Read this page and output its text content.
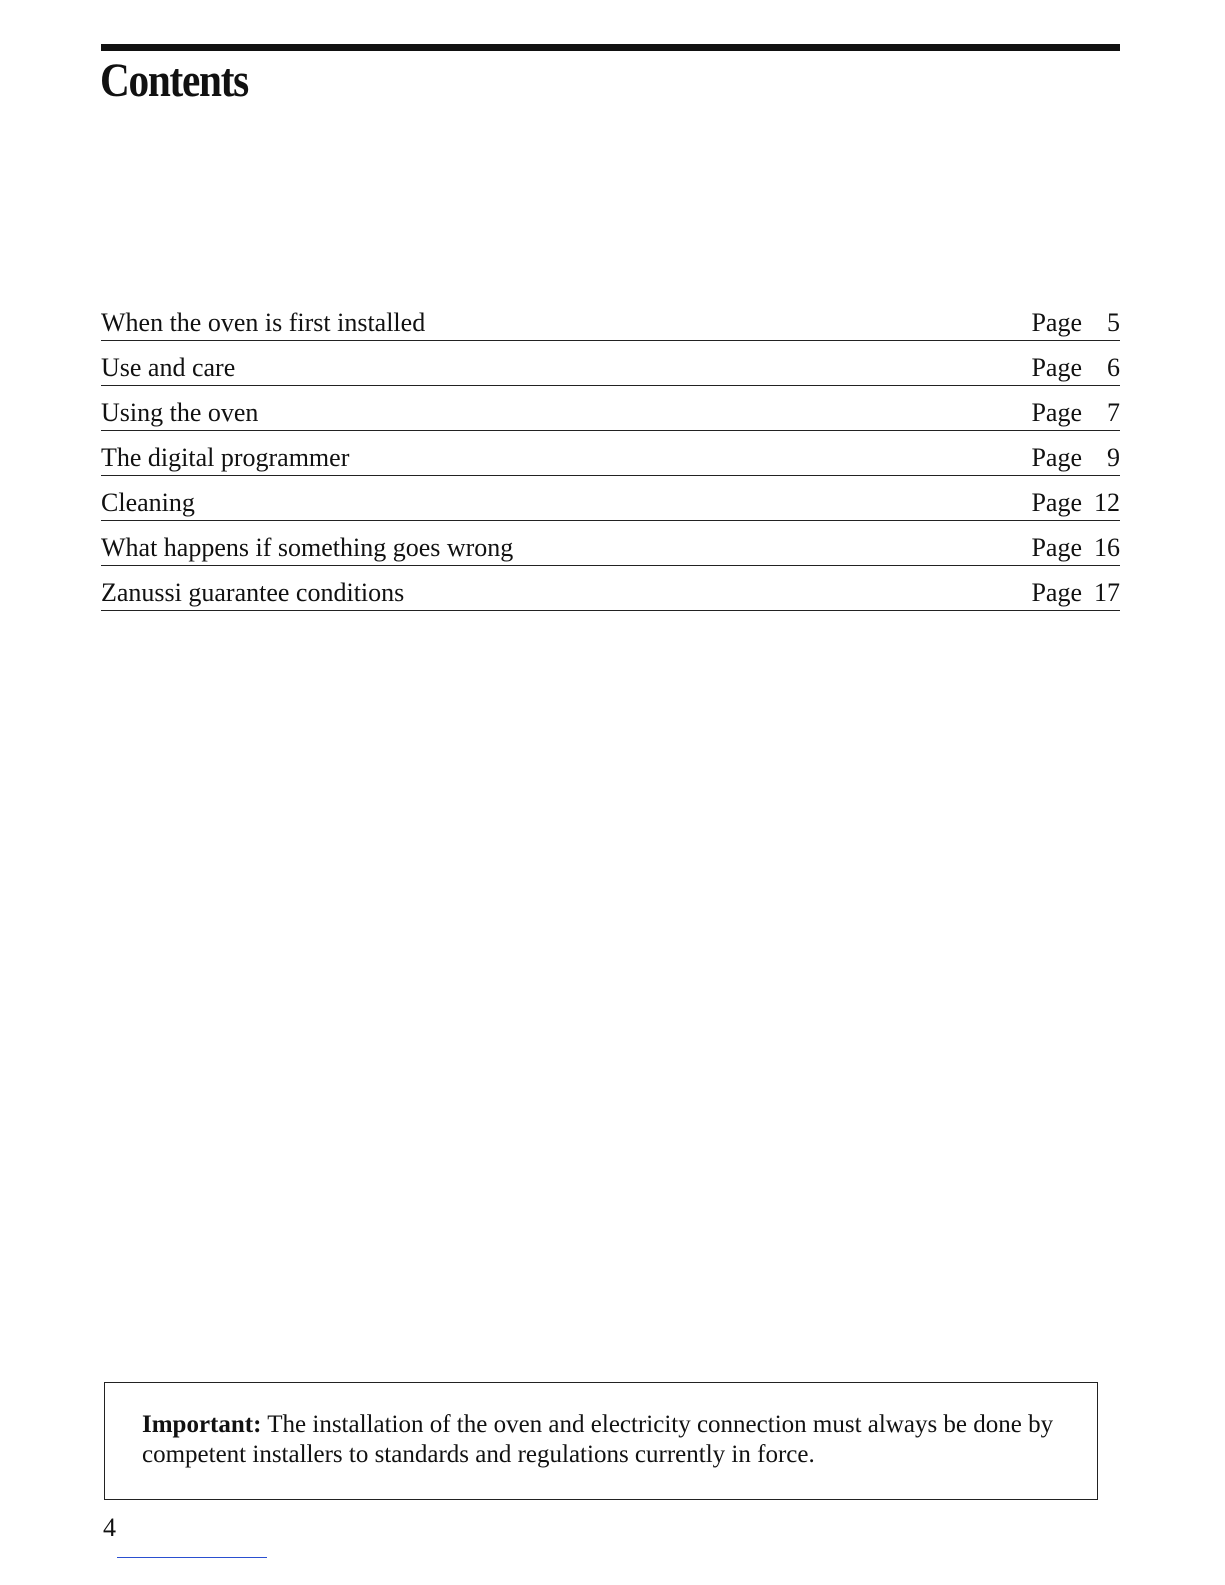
Contents
When the oven is first installed	Page 5
Use and care	Page 6
Using the oven	Page 7
The digital programmer	Page 9
Cleaning	Page 12
What happens if something goes wrong	Page 16
Zanussi guarantee conditions	Page 17

Important: The installation of the oven and electricity connection must always be done by competent installers to standards and regulations currently in force.

4
